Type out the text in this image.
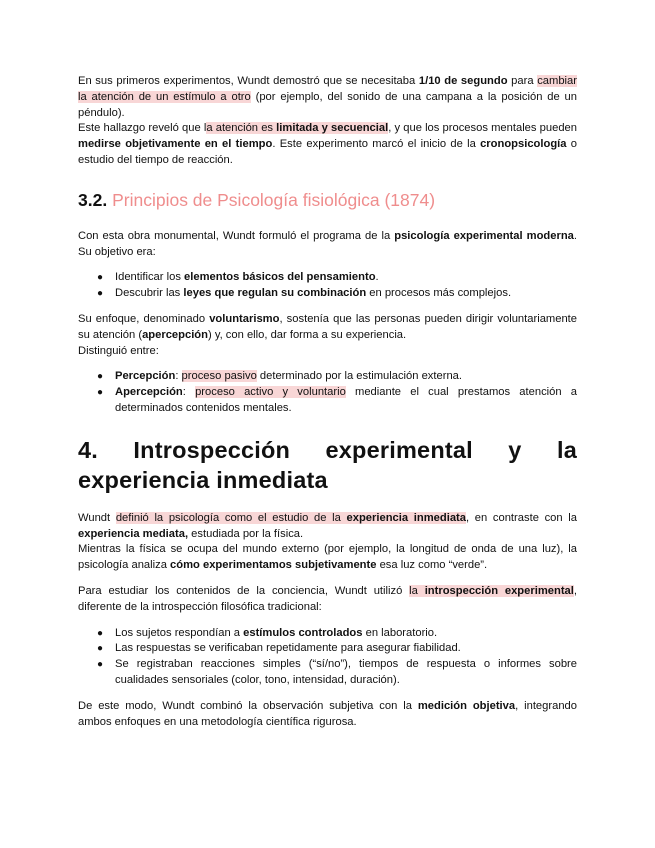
En sus primeros experimentos, Wundt demostró que se necesitaba 1/10 de segundo para cambiar la atención de un estímulo a otro (por ejemplo, del sonido de una campana a la posición de un péndulo).

Este hallazgo reveló que la atención es limitada y secuencial, y que los procesos mentales pueden medirse objetivamente en el tiempo. Este experimento marcó el inicio de la cronopsicología o estudio del tiempo de reacción.

3.2. Principios de Psicología fisiológica (1874)

Con esta obra monumental, Wundt formuló el programa de la psicología experimental moderna. Su objetivo era:

● Identificar los elementos básicos del pensamiento.
● Descubrir las leyes que regulan su combinación en procesos más complejos.

Su enfoque, denominado voluntarismo, sostenía que las personas pueden dirigir voluntariamente su atención (apercepción) y, con ello, dar forma a su experiencia.

Distinguió entre:

● Percepción: proceso pasivo determinado por la estimulación externa.
● Apercepción: proceso activo y voluntario mediante el cual prestamos atención a determinados contenidos mentales.
4. Introspección experimental y la experiencia inmediata

Wundt definió la psicología como el estudio de la experiencia inmediata, en contraste con la experiencia mediata, estudiada por la física.

Mientras la física se ocupa del mundo externo (por ejemplo, la longitud de onda de una luz), la psicología analiza cómo experimentamos subjetivamente esa luz como “verde”.

Para estudiar los contenidos de la conciencia, Wundt utilizó la introspección experimental, diferente de la introspección filosófica tradicional:

● Los sujetos respondían a estímulos controlados en laboratorio.
● Las respuestas se verificaban repetidamente para asegurar fiabilidad.
● Se registraban reacciones simples (“sí/no”), tiempos de respuesta o informes sobre cualidades sensoriales (color, tono, intensidad, duración).

De este modo, Wundt combinó la observación subjetiva con la medición objetiva, integrando ambos enfoques en una metodología científica rigurosa.
